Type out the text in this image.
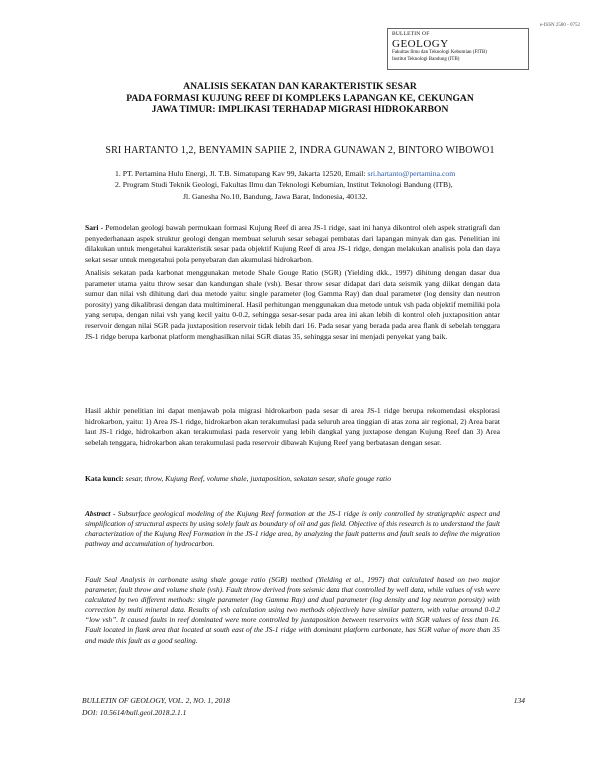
e-ISSN 2580 - 0752
BULLETIN OF
GEOLOGY
Fakultas Ilmu dan Teknologi Kebumian (FITB)
Institut Teknologi Bandung (ITB)
ANALISIS SEKATAN DAN KARAKTERISTIK SESAR
PADA FORMASI KUJUNG REEF DI KOMPLEKS LAPANGAN KE, CEKUNGAN
JAWA TIMUR: IMPLIKASI TERHADAP MIGRASI HIDROKARBON
SRI HARTANTO 1,2, BENYAMIN SAPIIE 2, INDRA GUNAWAN 2, BINTORO WIBOWO1
1. PT. Pertamina Hulu Energi, Jl. T.B. Simatupang Kav 99, Jakarta 12520, Email: sri.hartanto@pertamina.com
2. Program Studi Teknik Geologi, Fakultas Ilmu dan Teknologi Kebumian, Institut Teknologi Bandung (ITB),
Jl. Ganesha No.10, Bandung, Jawa Barat, Indonesia, 40132.
Sari - Pemodelan geologi bawah permukaan formasi Kujung Reef di area JS-1 ridge, saat ini hanya dikontrol oleh aspek stratigrafi dan penyederhanaan aspek struktur geologi dengan membuat seluruh sesar sebagai pembatas dari lapangan minyak dan gas. Penelitian ini dilakukan untuk mengetahui karakteristik sesar pada objektif Kujung Reef di area JS-1 ridge, dengan melakukan analisis pola dan daya sekat sesar untuk mengetahui pola penyebaran dan akumulasi hidrokarbon.
Analisis sekatan pada karbonat menggunakan metode Shale Gouge Ratio (SGR) (Yielding dkk., 1997) dihitung dengan dasar dua parameter utama yaitu throw sesar dan kandungan shale (vsh). Besar throw sesar didapat dari data seismik yang diikat dengan data sumur dan nilai vsh dihitung dari dua metode yaitu: single parameter (log Gamma Ray) dan dual parameter (log density dan neutron porosity) yang dikalibrasi dengan data multimineral. Hasil perhitungan menggunakan dua metode untuk vsh pada objektif memiliki pola yang serupa, dengan nilai vsh yang kecil yaitu 0-0.2, sehingga sesar-sesar pada area ini akan lebih di kontrol oleh juxtaposition antar reservoir dengan nilai SGR pada juxtaposition reservoir tidak lebih dari 16. Pada sesar yang berada pada area flank di sebelah tenggara JS-1 ridge berupa karbonat platform menghasilkan nilai SGR diatas 35, sehingga sesar ini menjadi penyekat yang baik.
Hasil akhir penelitian ini dapat menjawab pola migrasi hidrokarbon pada sesar di area JS-1 ridge berupa rekomendasi eksplorasi hidrokarbon, yaitu: 1) Area JS-1 ridge, hidrokarbon akan terakumulasi pada seluruh area tinggian di atas zona air regional, 2) Area barat laut JS-1 ridge, hidrokarbon akan terakumulasi pada reservoir yang lebih dangkal yang juxtapose dengan Kujung Reef dan 3) Area sebelah tenggara, hidrokarbon akan terakumulasi pada reservoir dibawah Kujung Reef yang berbatasan dengan sesar.
Kata kunci: sesar, throw, Kujung Reef, volume shale, juxtaposition, sekatan sesar, shale gouge ratio
Abstract - Subsurface geological modeling of the Kujung Reef formation at the JS-1 ridge is only controlled by stratigraphic aspect and simplification of structural aspects by using solely fault as boundary of oil and gas field. Objective of this research is to understand the fault characterization of the Kujung Reef Formation in the JS-1 ridge area, by analyzing the fault patterns and fault seals to define the migration pathway and accumulation of hydrocarbon.
Fault Seal Analysis in carbonate using shale gouge ratio (SGR) method (Yielding et al., 1997) that calculated based on two major parameter, fault throw and volume shale (vsh). Fault throw derived from seismic data that controlled by well data, while values of vsh were calculated by two different methods: single parameter (log Gamma Ray) and dual parameter (log density and log neutron porosity) with correction by multi mineral data. Results of vsh calculation using two methods objectively have similar pattern, with value around 0-0.2 “low vsh”. It caused faults in reef dominated were more controlled by juxtaposition between reservoirs with SGR values of less than 16. Fault located in flank area that located at south east of the JS-1 ridge with dominant platform carbonate, has SGR value of more than 35 and made this fault as a good sealing.
BULLETIN OF GEOLOGY, VOL. 2, NO. 1, 2018
DOI: 10.5614/bull.geol.2018.2.1.1
134
